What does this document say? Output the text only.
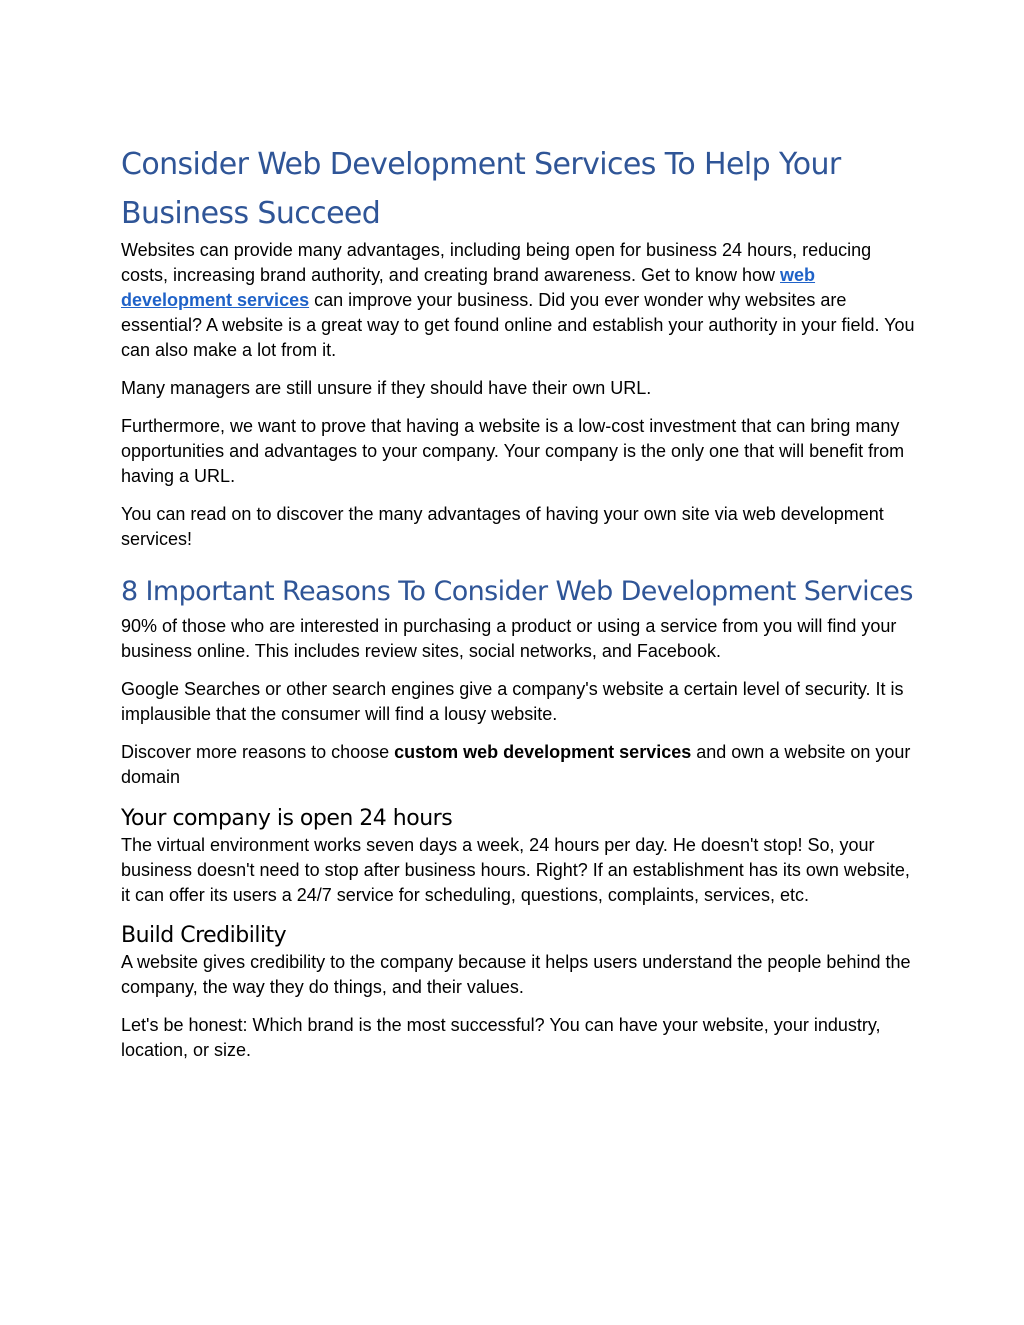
Consider Web Development Services To Help Your Business Succeed

Websites can provide many advantages, including being open for business 24 hours, reducing costs, increasing brand authority, and creating brand awareness. Get to know how web development services can improve your business. Did you ever wonder why websites are essential? A website is a great way to get found online and establish your authority in your field. You can also make a lot from it.

Many managers are still unsure if they should have their own URL.

Furthermore, we want to prove that having a website is a low-cost investment that can bring many opportunities and advantages to your company. Your company is the only one that will benefit from having a URL.

You can read on to discover the many advantages of having your own site via web development services!

8 Important Reasons To Consider Web Development Services

90% of those who are interested in purchasing a product or using a service from you will find your business online. This includes review sites, social networks, and Facebook.

Google Searches or other search engines give a company's website a certain level of security. It is implausible that the consumer will find a lousy website.

Discover more reasons to choose custom web development services and own a website on your domain

Your company is open 24 hours

The virtual environment works seven days a week, 24 hours per day. He doesn't stop! So, your business doesn't need to stop after business hours. Right? If an establishment has its own website, it can offer its users a 24/7 service for scheduling, questions, complaints, services, etc.

Build Credibility

A website gives credibility to the company because it helps users understand the people behind the company, the way they do things, and their values.

Let's be honest: Which brand is the most successful? You can have your website, your industry, location, or size.
